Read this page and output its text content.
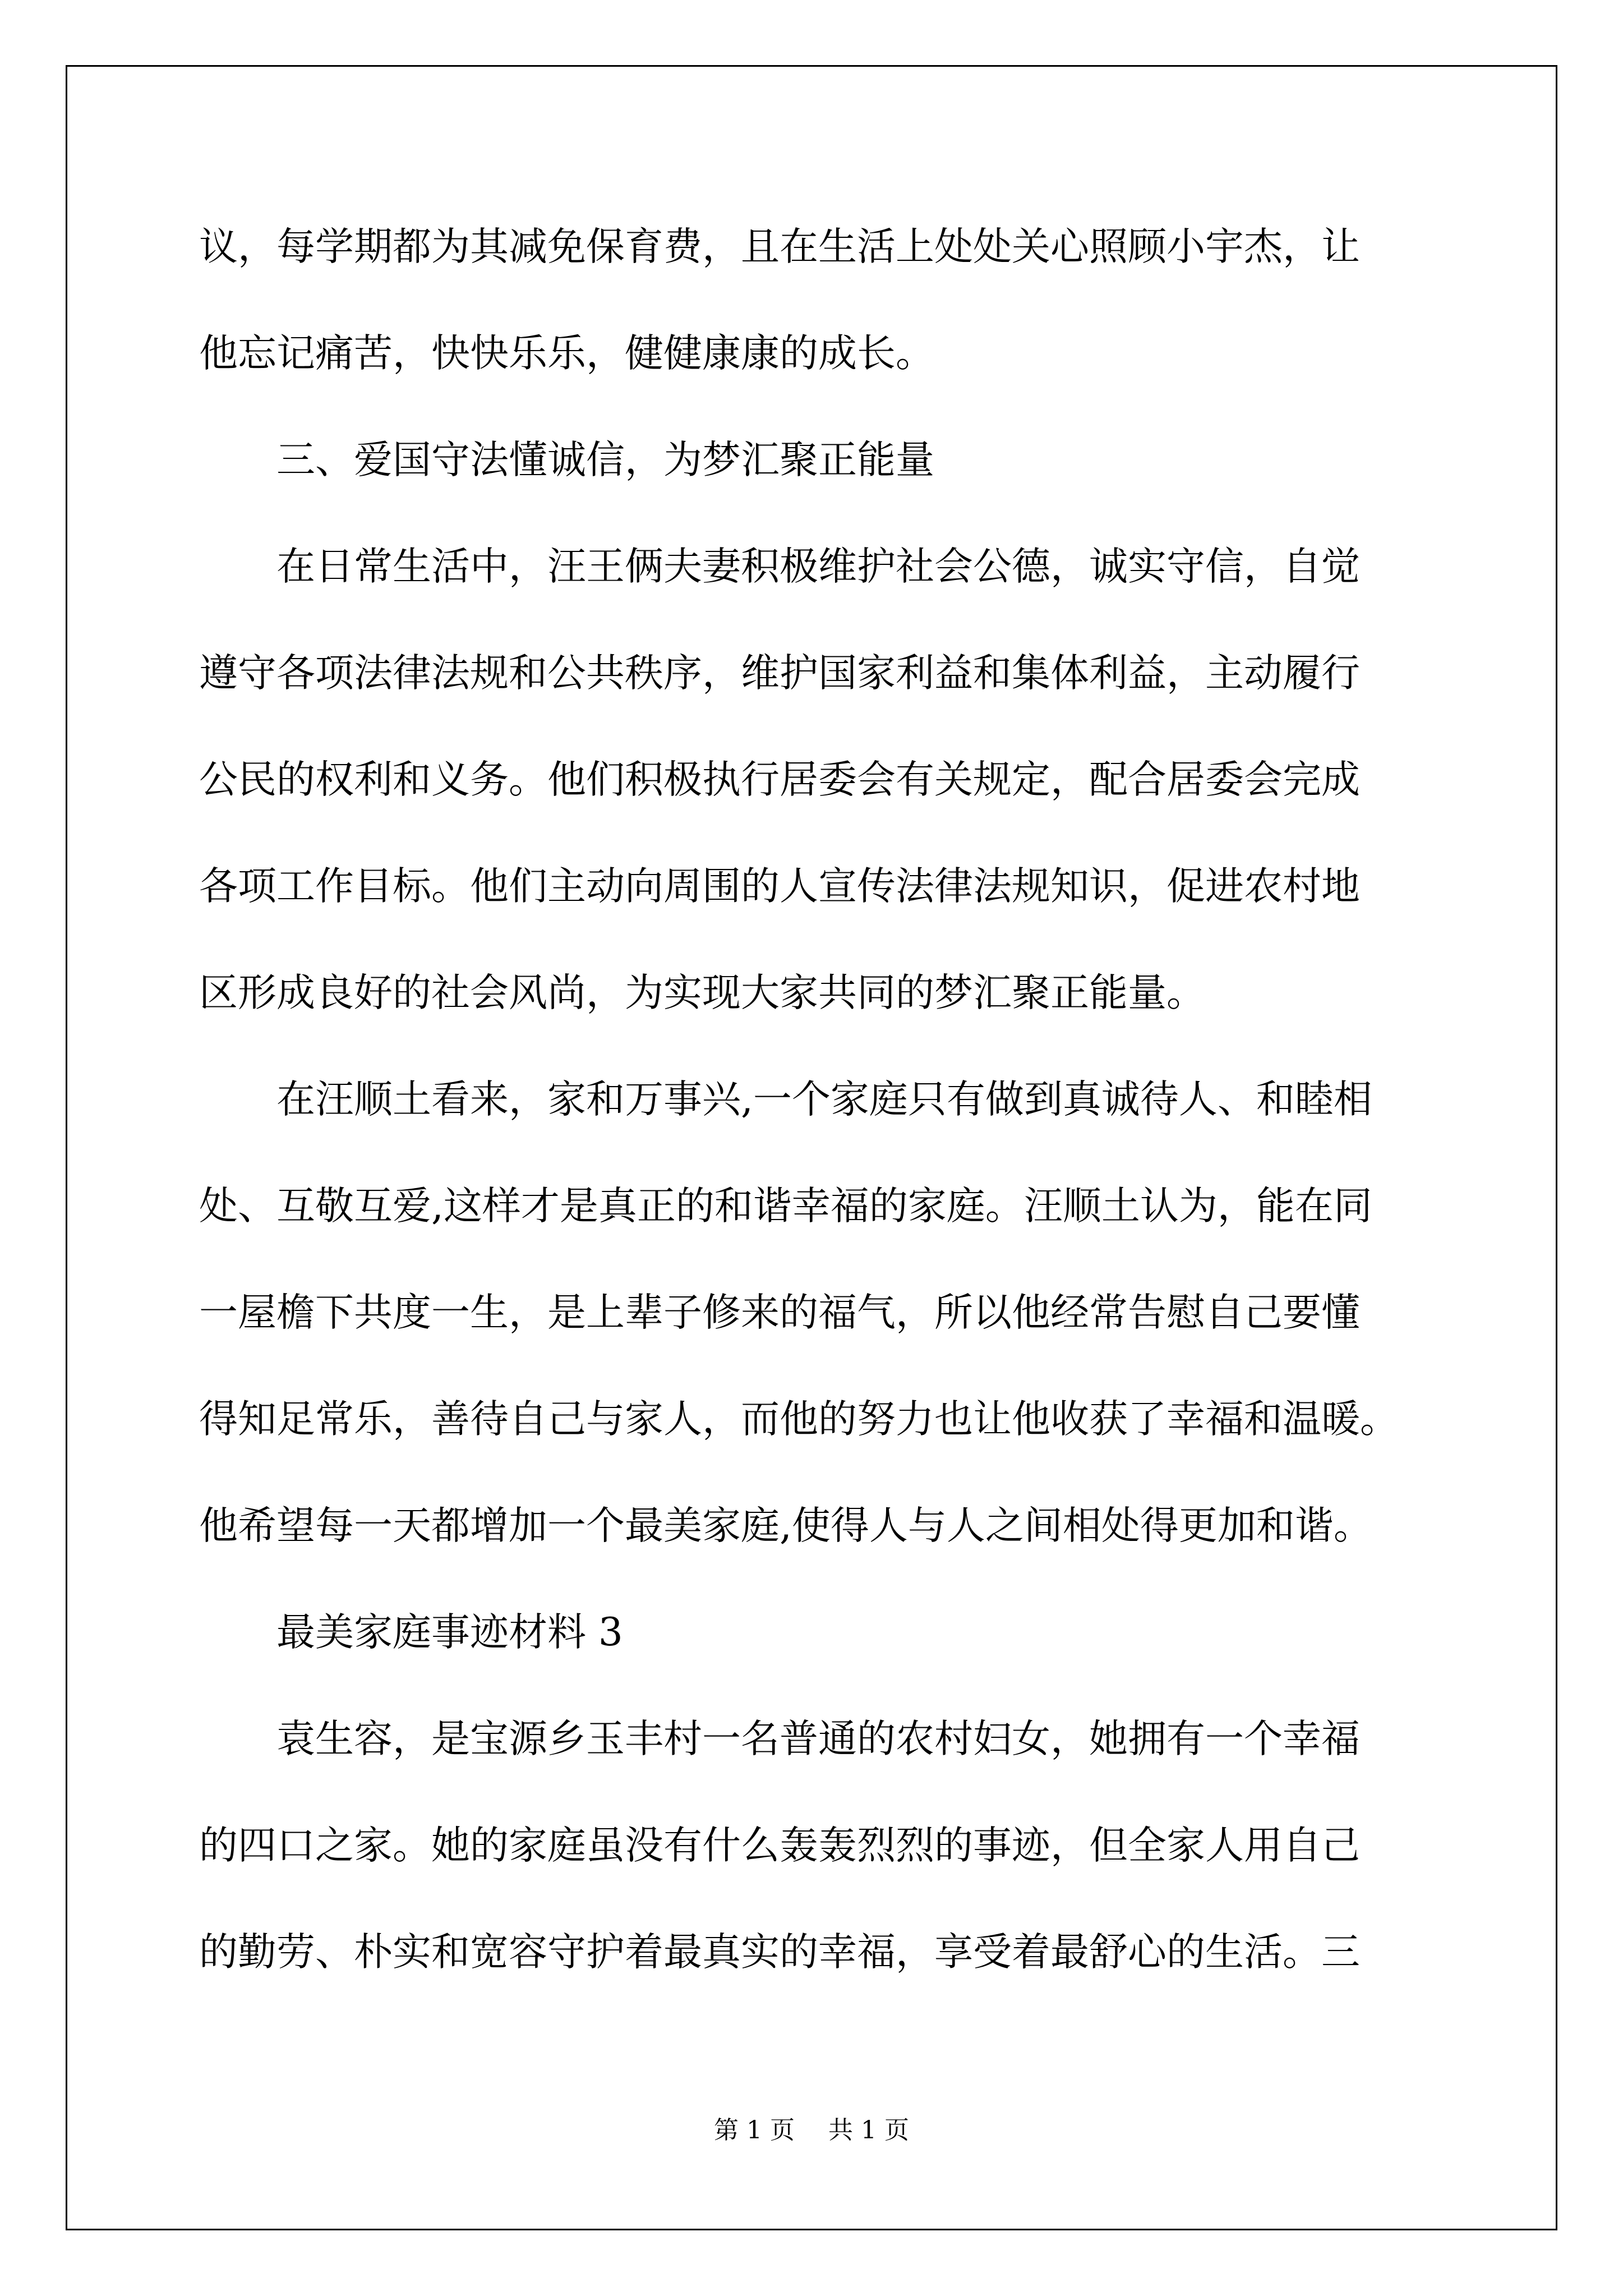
议，每学期都为其减免保育费，且在生活上处处关心照顾小宇杰，让
他忘记痛苦，快快乐乐，健健康康的成长。
三、爱国守法懂诚信，为梦汇聚正能量
在日常生活中，汪王俩夫妻积极维护社会公德，诚实守信，自觉
遵守各项法律法规和公共秩序，维护国家利益和集体利益，主动履行
公民的权利和义务。他们积极执行居委会有关规定，配合居委会完成
各项工作目标。他们主动向周围的人宣传法律法规知识，促进农村地
区形成良好的社会风尚，为实现大家共同的梦汇聚正能量。
在汪顺土看来，家和万事兴,一个家庭只有做到真诚待人、和睦相
处、互敬互爱,这样才是真正的和谐幸福的家庭。汪顺土认为，能在同
一屋檐下共度一生，是上辈子修来的福气，所以他经常告慰自己要懂
得知足常乐，善待自己与家人，而他的努力也让他收获了幸福和温暖。
他希望每一天都增加一个最美家庭,使得人与人之间相处得更加和谐。
最美家庭事迹材料 3
袁生容，是宝源乡玉丰村一名普通的农村妇女，她拥有一个幸福
的四口之家。她的家庭虽没有什么轰轰烈烈的事迹，但全家人用自己
的勤劳、朴实和宽容守护着最真实的幸福，享受着最舒心的生活。三
第 1 页 共 1 页
